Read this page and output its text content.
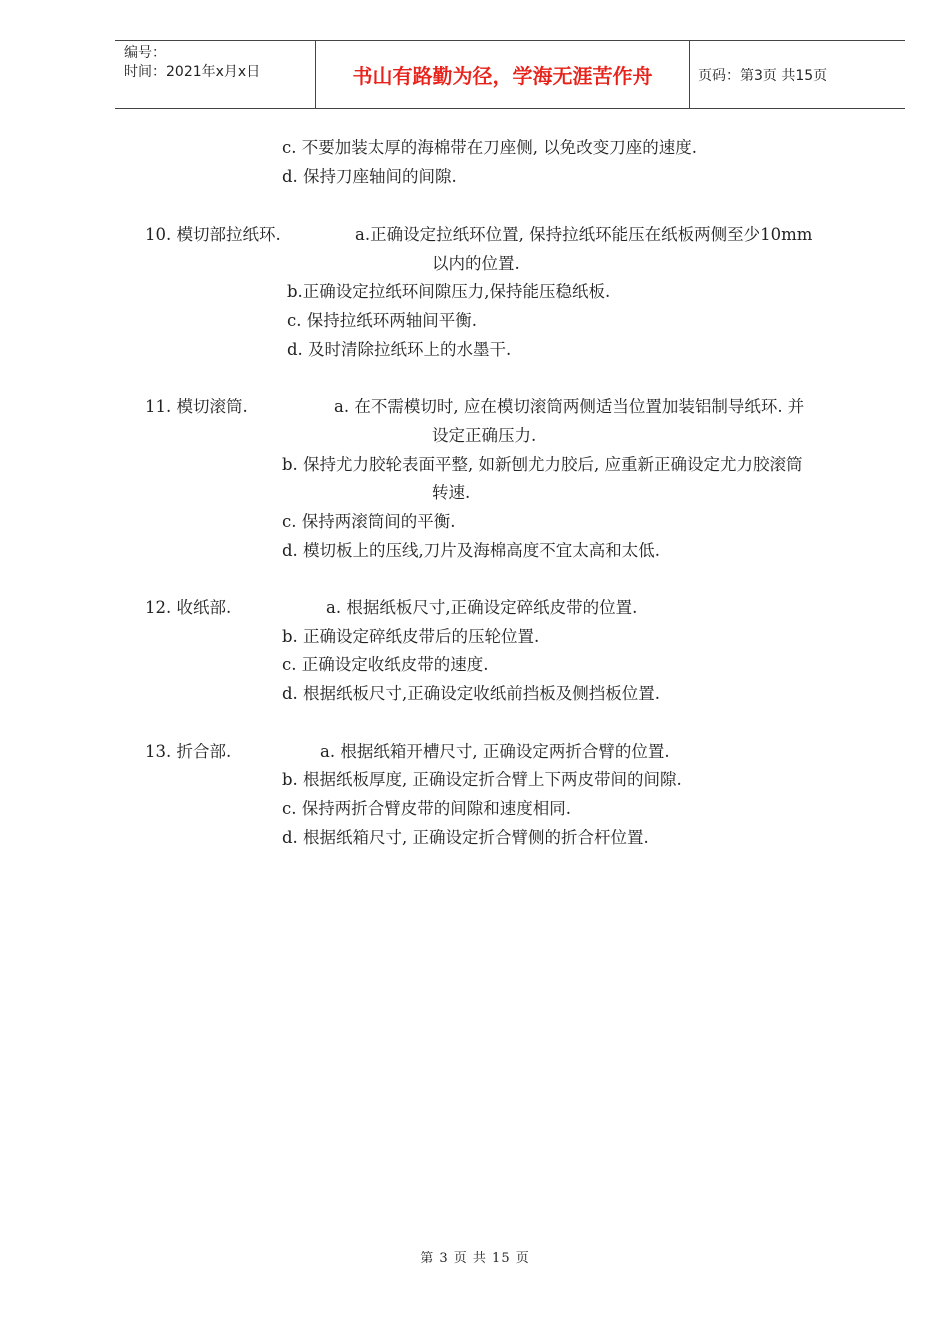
编号：
时间：2021年x月x日	书山有路勤为径，学海无涯苦作舟	页码：第3页 共15页
c. 不要加装太厚的海棉带在刀座侧, 以免改变刀座的速度.
d. 保持刀座轴间的间隙.
10. 模切部拉纸环.	a.正确设定拉纸环位置, 保持拉纸环能压在纸板两侧至少10mm
以内的位置.
b.正确设定拉纸环间隙压力,保持能压稳纸板.
c. 保持拉纸环两轴间平衡.
d. 及时清除拉纸环上的水墨干.
11. 模切滚筒.	a. 在不需模切时, 应在模切滚筒两侧适当位置加装铝制导纸环. 并
设定正确压力.
b. 保持尤力胶轮表面平整, 如新刨尤力胶后, 应重新正确设定尤力胶滚筒
转速.
c. 保持两滚筒间的平衡.
d. 模切板上的压线,刀片及海棉高度不宜太高和太低.
12. 收纸部.	a. 根据纸板尺寸,正确设定碎纸皮带的位置.
b. 正确设定碎纸皮带后的压轮位置.
c. 正确设定收纸皮带的速度.
d. 根据纸板尺寸,正确设定收纸前挡板及侧挡板位置.
13. 折合部.	a. 根据纸箱开槽尺寸, 正确设定两折合臂的位置.
b. 根据纸板厚度, 正确设定折合臂上下两皮带间的间隙.
c. 保持两折合臂皮带的间隙和速度相同.
d. 根据纸箱尺寸, 正确设定折合臂侧的折合杆位置.
第 3 页 共 15 页
